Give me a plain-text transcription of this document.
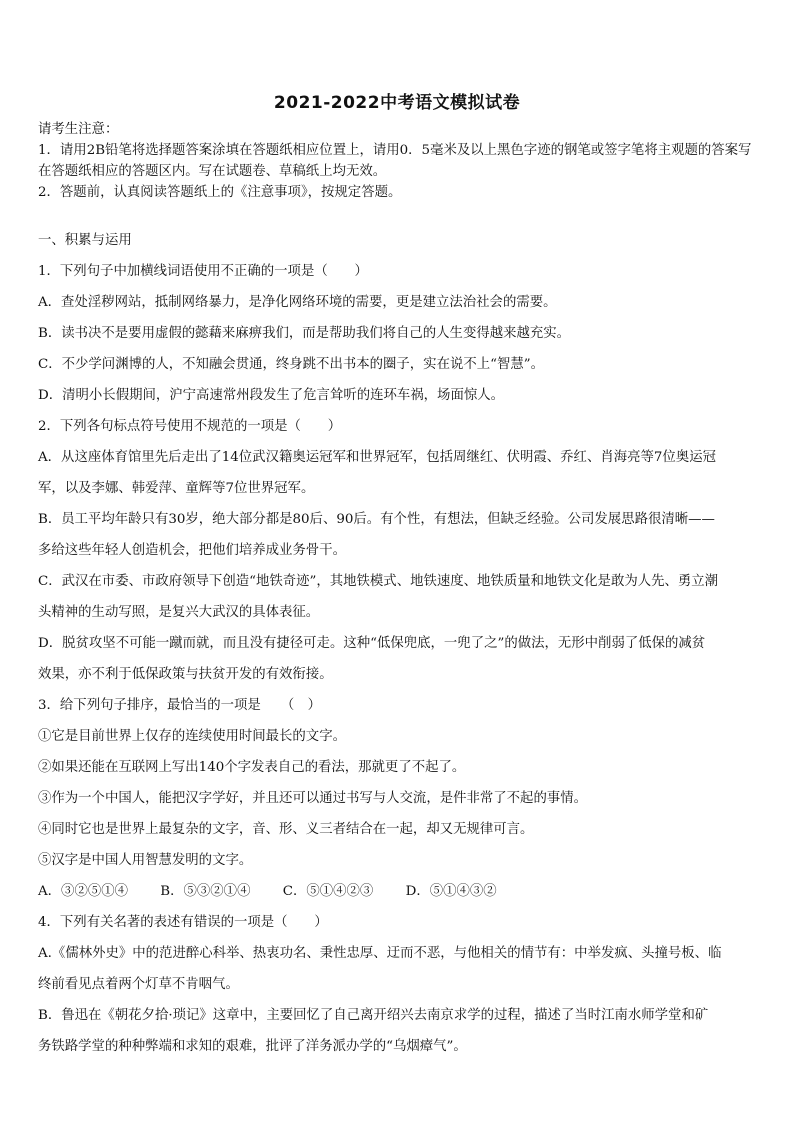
2021-2022中考语文模拟试卷

请考生注意：

1．请用2B铅笔将选择题答案涂填在答题纸相应位置上，请用0．5毫米及以上黑色字迹的钢笔或签字笔将主观题的答案写在答题纸相应的答题区内。写在试题卷、草稿纸上均无效。

2．答题前，认真阅读答题纸上的《注意事项》，按规定答题。

一、积累与运用

1．下列句子中加横线词语使用不正确的一项是（　　）

A．查处淫秽网站，抵制网络暴力，是净化网络环境的需要，更是建立法治社会的需要。

B．读书决不是要用虚假的懿藉来麻痹我们，而是帮助我们将自己的人生变得越来越充实。

C．不少学问渊博的人，不知融会贯通，终身跳不出书本的圈子，实在说不上“智慧”。

D．清明小长假期间，沪宁高速常州段发生了危言耸听的连环车祸，场面惊人。

2．下列各句标点符号使用不规范的一项是（　　）

A．从这座体育馆里先后走出了14位武汉籍奥运冠军和世界冠军，包括周继红、伏明霞、乔红、肖海亮等7位奥运冠

军，以及李娜、韩爱萍、童辉等7位世界冠军。

B．员工平均年龄只有30岁，绝大部分都是80后、90后。有个性，有想法，但缺乏经验。公司发展思路很清晰——

多给这些年轻人创造机会，把他们培养成业务骨干。

C．武汉在市委、市政府领导下创造“地铁奇迹”，其地铁模式、地铁速度、地铁质量和地铁文化是敢为人先、勇立潮

头精神的生动写照，是复兴大武汉的具体表征。

D．脱贫攻坚不可能一蹴而就，而且没有捷径可走。这种“低保兜底，一兜了之”的做法，无形中削弱了低保的减贫

效果，亦不利于低保政策与扶贫开发的有效衔接。

3．给下列句子排序，最恰当的一项是　　（　）

①它是目前世界上仅存的连续使用时间最长的文字。

②如果还能在互联网上写出140个字发表自己的看法，那就更了不起了。

③作为一个中国人，能把汉字学好，并且还可以通过书写与人交流，是件非常了不起的事情。

④同时它也是世界上最复杂的文字，音、形、义三者结合在一起，却又无规律可言。

⑤汉字是中国人用智慧发明的文字。

A．③②⑤①④ B．⑤③②①④ C．⑤①④②③ D．⑤①④③②

4．下列有关名著的表述有错误的一项是（　　）

A.《儒林外史》中的范进醉心科举、热衷功名、秉性忠厚、迂而不恶，与他相关的情节有：中举发疯、头撞号板、临

终前看见点着两个灯草不肯咽气。

B．鲁迅在《朝花夕拾·琐记》这章中，主要回忆了自己离开绍兴去南京求学的过程，描述了当时江南水师学堂和矿

务铁路学堂的种种弊端和求知的艰难，批评了洋务派办学的“乌烟瘴气”。
